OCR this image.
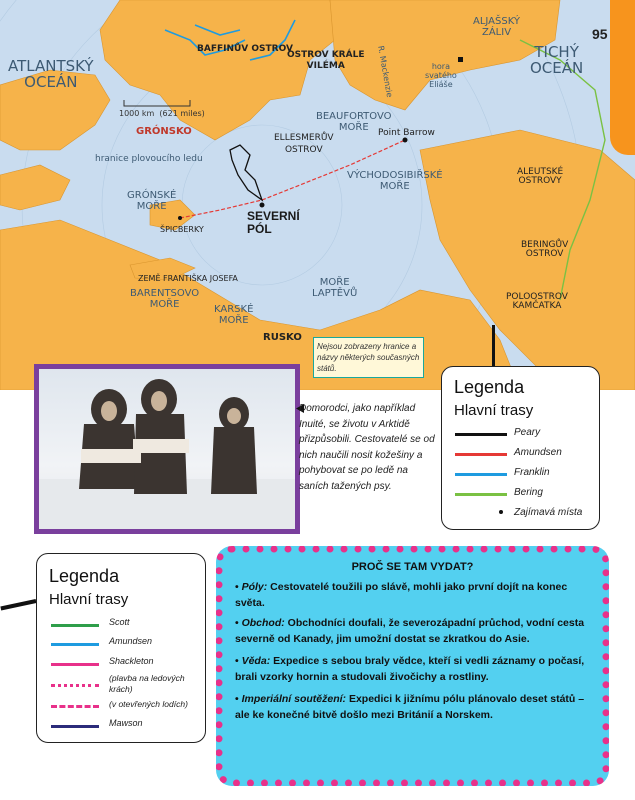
ATLANTSKÝ
OCEÁN
TICHÝ
OCEÁN
BAFFINŮV OSTROV
OSTROV KRÁLE
VILÉMA	R. Mackenzie
ALJAŠSKÝ
ZÁLIV
hora
svatého
Eliáše
1000 km  (621 miles)
GRÓNSKO
ELLESMERŮV
OSTROV
BEAUFORTOVO
MOŘE	Point Barrow
hranice plovoucího ledu
VÝCHODOSIBIŘSKÉ
MOŘE
ALEUTSKÉ
OSTROVY
GRÓNSKÉ
MOŘE
SEVERNÍ
PÓL
ŠPICBERKY
BERINGŮV
OSTROV
ZEMĚ FRANTIŠKA JOSEFA
BARENTSOVO
MOŘE
MOŘE
LAPTĚVŮ	POLOOSTROV
KAMČATKA
KARSKÉ
MOŘE
RUSKO
Nejsou zobrazeny hranice a názvy některých současných států.
95
Domorodci, jako například Inuité, se životu v Arktidě přizpůsobili. Cestovatelé se od nich naučili nosit kožešiny a pohybovat se po ledě na saních tažených psy.
Legenda
Hlavní trasy
Peary
Amundsen
Franklin
Bering
Zajímavá místa
Legenda
Hlavní trasy
Scott
Amundsen
Shackleton
(plavba na ledových krách)
(v otevřených lodích)
Mawson
PROČ SE TAM VYDAT?
• Póly: Cestovatelé toužili po slávě, mohli jako první dojít na konec světa.
• Obchod: Obchodníci doufali, že severozápadní průchod, vodní cesta severně od Kanady, jim umožní dostat se zkratkou do Asie.
• Věda: Expedice s sebou braly vědce, kteří si vedli záznamy o počasí, brali vzorky hornin a studovali živočichy a rostliny.
• Imperiální soutěžení: Expedici k jižnímu pólu plánovalo deset států – ale ke konečné bitvě došlo mezi Británií a Norskem.
